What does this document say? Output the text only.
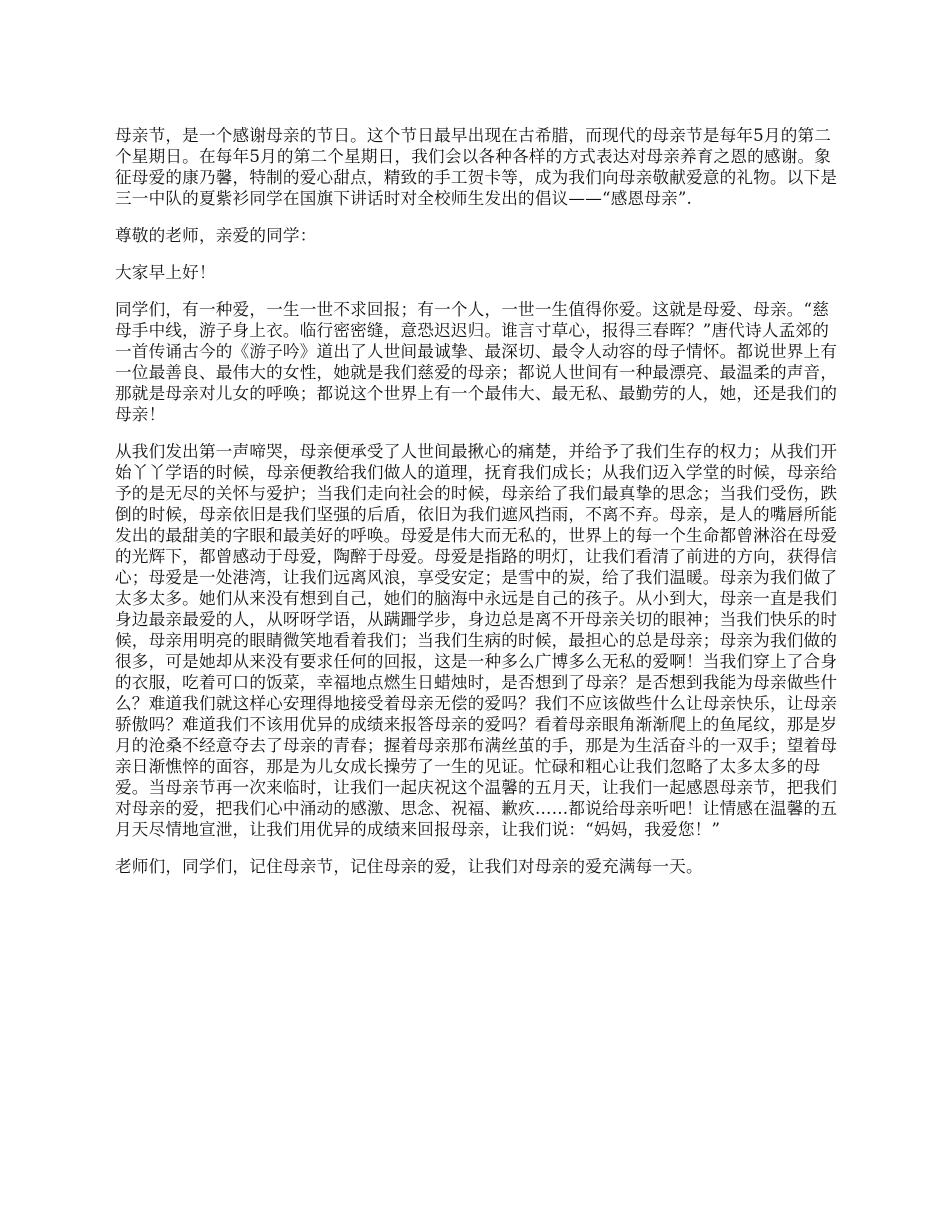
母亲节，是一个感谢母亲的节日。这个节日最早出现在古希腊，而现代的母亲节是每年5月的第二个星期日。在每年5月的第二个星期日，我们会以各种各样的方式表达对母亲养育之恩的感谢。象征母爱的康乃馨，特制的爱心甜点，精致的手工贺卡等，成为我们向母亲敬献爱意的礼物。以下是三一中队的夏紫衫同学在国旗下讲话时对全校师生发出的倡议——“感恩母亲”.

尊敬的老师，亲爱的同学：

大家早上好！

同学们，有一种爱，一生一世不求回报；有一个人，一世一生值得你爱。这就是母爱、母亲。“慈母手中线，游子身上衣。临行密密缝，意恐迟迟归。谁言寸草心，报得三春晖？”唐代诗人孟郊的一首传诵古今的《游子吟》道出了人世间最诚挚、最深切、最令人动容的母子情怀。都说世界上有一位最善良、最伟大的女性，她就是我们慈爱的母亲；都说人世间有一种最漂亮、最温柔的声音，那就是母亲对儿女的呼唤；都说这个世界上有一个最伟大、最无私、最勤劳的人，她，还是我们的母亲！

从我们发出第一声啼哭，母亲便承受了人世间最揪心的痛楚，并给予了我们生存的权力；从我们开始丫丫学语的时候，母亲便教给我们做人的道理，抚育我们成长；从我们迈入学堂的时候，母亲给予的是无尽的关怀与爱护；当我们走向社会的时候，母亲给了我们最真挚的思念；当我们受伤，跌倒的时候，母亲依旧是我们坚强的后盾，依旧为我们遮风挡雨，不离不弃。母亲，是人的嘴唇所能发出的最甜美的字眼和最美好的呼唤。母爱是伟大而无私的，世界上的每一个生命都曾淋浴在母爱的光辉下，都曾感动于母爱，陶醉于母爱。母爱是指路的明灯，让我们看清了前进的方向，获得信心；母爱是一处港湾，让我们远离风浪，享受安定；是雪中的炭，给了我们温暖。母亲为我们做了太多太多。她们从来没有想到自己，她们的脑海中永远是自己的孩子。从小到大，母亲一直是我们身边最亲最爱的人，从呀呀学语，从蹒跚学步，身边总是离不开母亲关切的眼神；当我们快乐的时候，母亲用明亮的眼睛微笑地看着我们；当我们生病的时候，最担心的总是母亲；母亲为我们做的很多，可是她却从来没有要求任何的回报，这是一种多么广博多么无私的爱啊！当我们穿上了合身的衣服，吃着可口的饭菜，幸福地点燃生日蜡烛时，是否想到了母亲？是否想到我能为母亲做些什么？难道我们就这样心安理得地接受着母亲无偿的爱吗？我们不应该做些什么让母亲快乐，让母亲骄傲吗？难道我们不该用优异的成绩来报答母亲的爱吗？看着母亲眼角渐渐爬上的鱼尾纹，那是岁月的沧桑不经意夺去了母亲的青春；握着母亲那布满丝茧的手，那是为生活奋斗的一双手；望着母亲日渐憔悴的面容，那是为儿女成长操劳了一生的见证。忙碌和粗心让我们忽略了太多太多的母爱。当母亲节再一次来临时，让我们一起庆祝这个温馨的五月天，让我们一起感恩母亲节，把我们对母亲的爱，把我们心中涌动的感激、思念、祝福、歉疚……都说给母亲听吧！让情感在温馨的五月天尽情地宣泄，让我们用优异的成绩来回报母亲，让我们说：“妈妈，我爱您！”

老师们，同学们，记住母亲节，记住母亲的爱，让我们对母亲的爱充满每一天。
